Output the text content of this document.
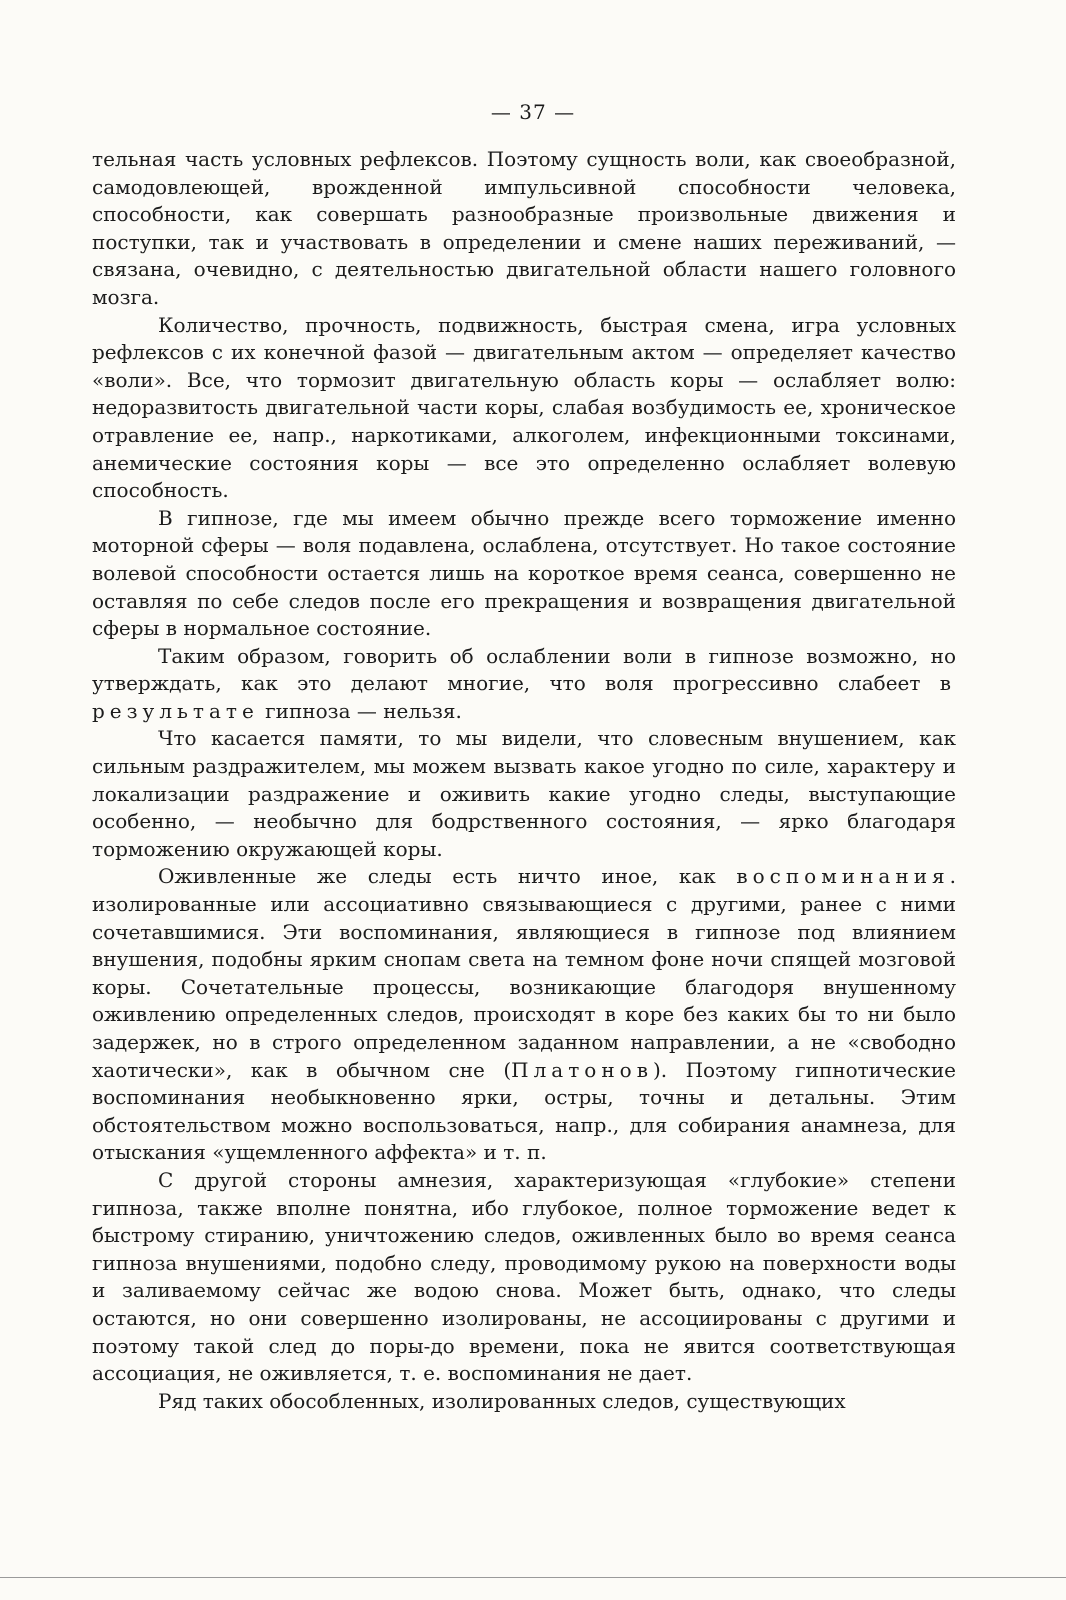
— 37 —

тельная часть условных рефлексов. Поэтому сущность воли, как своеобразной, самодовлеющей, врожденной импульсивной способности человека, способности, как совершать разнообразные произвольные движения и поступки, так и участвовать в определении и смене наших переживаний, — связана, очевидно, с деятельностью двигательной области нашего головного мозга.

Количество, прочность, подвижность, быстрая смена, игра условных рефлексов с их конечной фазой — двигательным актом — определяет качество «воли». Все, что тормозит двигательную область коры — ослабляет волю: недоразвитость двигательной части коры, слабая возбудимость ее, хроническое отравление ее, напр., наркотиками, алкоголем, инфекционными токсинами, анемические состояния коры — все это определенно ослабляет волевую способность.

В гипнозе, где мы имеем обычно прежде всего торможение именно моторной сферы — воля подавлена, ослаблена, отсутствует. Но такое состояние волевой способности остается лишь на короткое время сеанса, совершенно не оставляя по себе следов после его прекращения и возвращения двигательной сферы в нормальное состояние.

Таким образом, говорить об ослаблении воли в гипнозе возможно, но утверждать, как это делают многие, что воля прогрессивно слабеет в результате гипноза — нельзя.

Что касается памяти, то мы видели, что словесным внушением, как сильным раздражителем, мы можем вызвать какое угодно по силе, характеру и локализации раздражение и оживить какие угодно следы, выступающие особенно, — необычно для бодрственного состояния, — ярко благодаря торможению окружающей коры.

Оживленные же следы есть ничто иное, как воспоминания. изолированные или ассоциативно связывающиеся с другими, ранее с ними сочетавшимися. Эти воспоминания, являющиеся в гипнозе под влиянием внушения, подобны ярким снопам света на темном фоне ночи спящей мозговой коры. Сочетательные процессы, возникающие благодоря внушенному оживлению определенных следов, происходят в коре без каких бы то ни было задержек, но в строго определенном заданном направлении, а не «свободно хаотически», как в обычном сне (Платонов). Поэтому гипнотические воспоминания необыкновенно ярки, остры, точны и детальны. Этим обстоятельством можно воспользоваться, напр., для собирания анамнеза, для отыскания «ущемленного аффекта» и т. п.

С другой стороны амнезия, характеризующая «глубокие» степени гипноза, также вполне понятна, ибо глубокое, полное торможение ведет к быстрому стиранию, уничтожению следов, оживленных было во время сеанса гипноза внушениями, подобно следу, проводимому рукою на поверхности воды и заливаемому сейчас же водою снова. Может быть, однако, что следы остаются, но они совершенно изолированы, не ассоциированы с другими и поэтому такой след до поры-до времени, пока не явится соответствующая ассоциация, не оживляется, т. е. воспоминания не дает.

Ряд таких обособленных, изолированных следов, существующих
